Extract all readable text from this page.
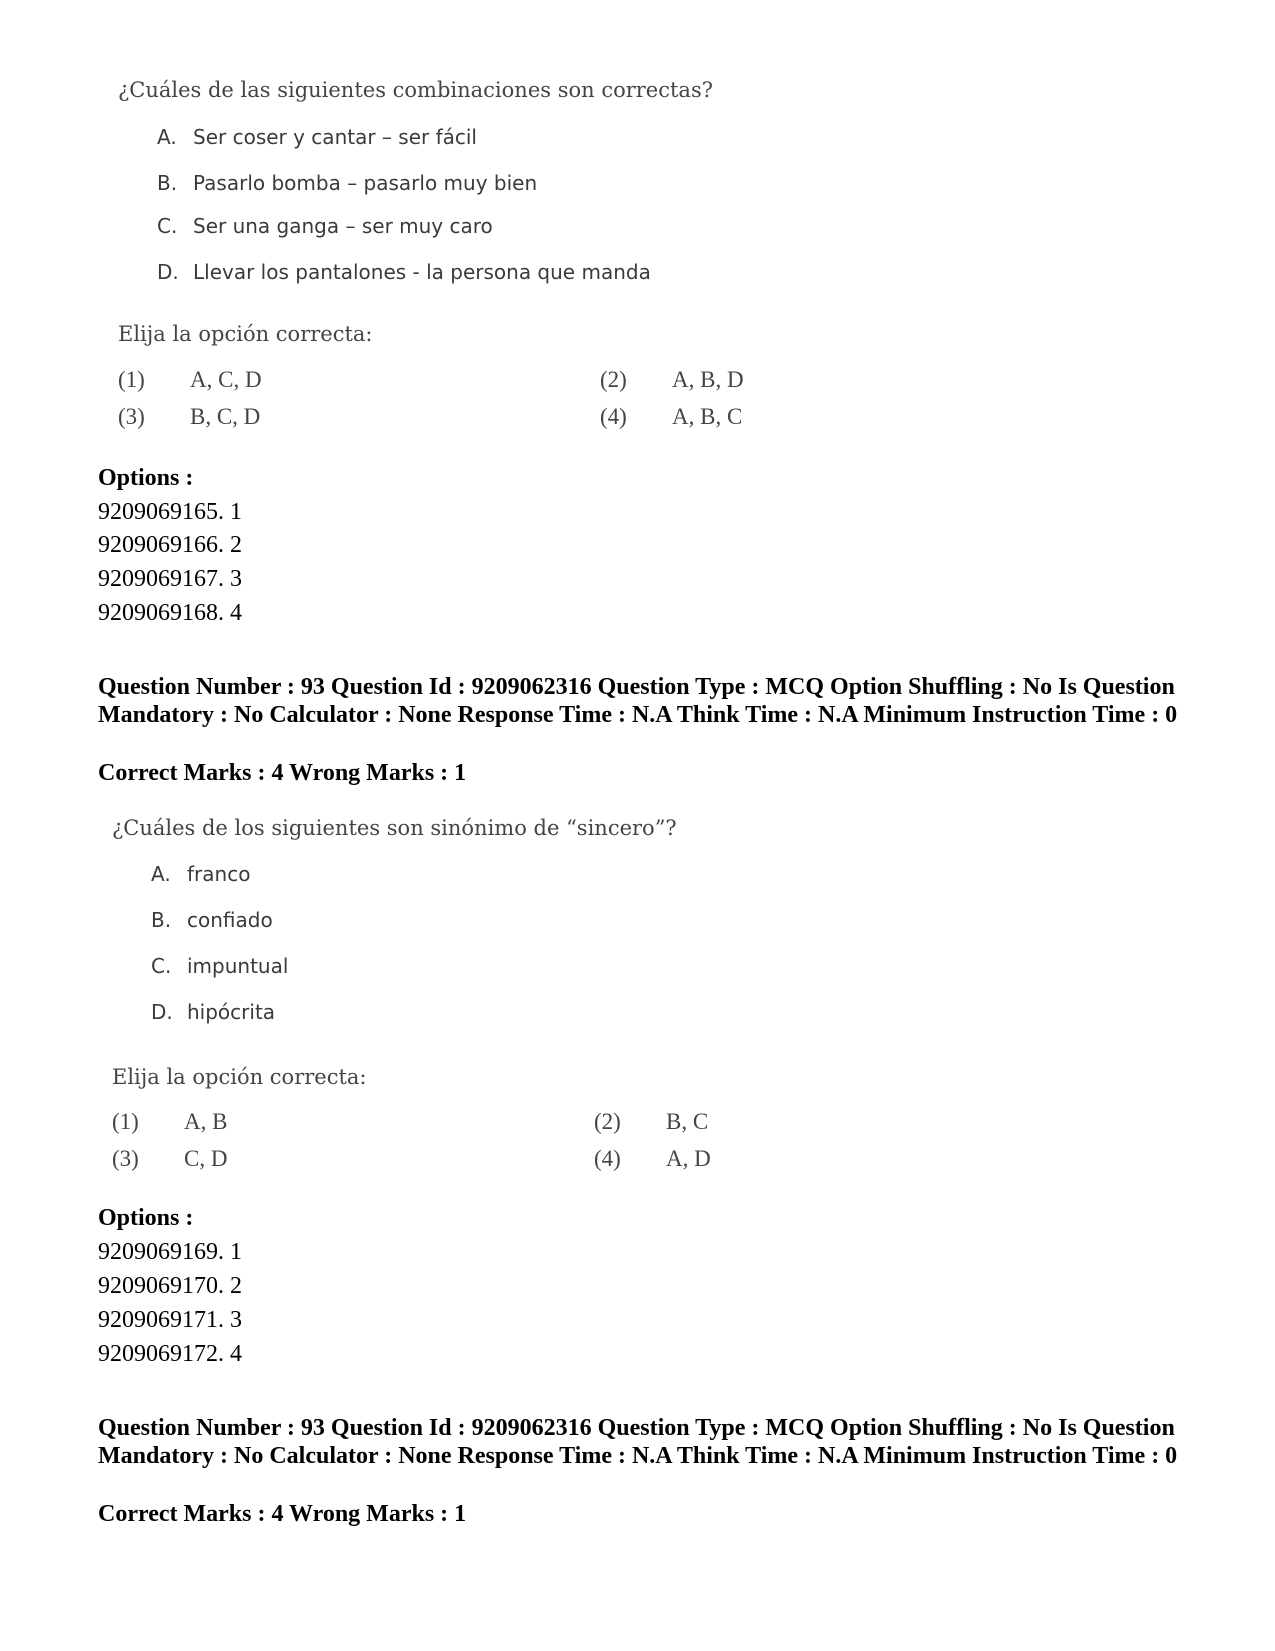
¿Cuáles de las siguientes combinaciones son correctas?
A. Ser coser y cantar – ser fácil
B. Pasarlo bomba – pasarlo muy bien
C. Ser una ganga – ser muy caro
D. Llevar los pantalones - la persona que manda
Elija la opción correcta:
(1) A, C, D	(2) A, B, D
(3) B, C, D	(4) A, B, C
Options :
9209069165. 1
9209069166. 2
9209069167. 3
9209069168. 4
Question Number : 93 Question Id : 9209062316 Question Type : MCQ Option Shuffling : No Is Question Mandatory : No Calculator : None Response Time : N.A Think Time : N.A Minimum Instruction Time : 0
Correct Marks : 4 Wrong Marks : 1
¿Cuáles de los siguientes son sinónimo de “sincero”?
A. franco
B. confiado
C. impuntual
D. hipócrita
Elija la opción correcta:
(1) A, B	(2) B, C
(3) C, D	(4) A, D
Options :
9209069169. 1
9209069170. 2
9209069171. 3
9209069172. 4
Question Number : 93 Question Id : 9209062316 Question Type : MCQ Option Shuffling : No Is Question Mandatory : No Calculator : None Response Time : N.A Think Time : N.A Minimum Instruction Time : 0
Correct Marks : 4 Wrong Marks : 1
